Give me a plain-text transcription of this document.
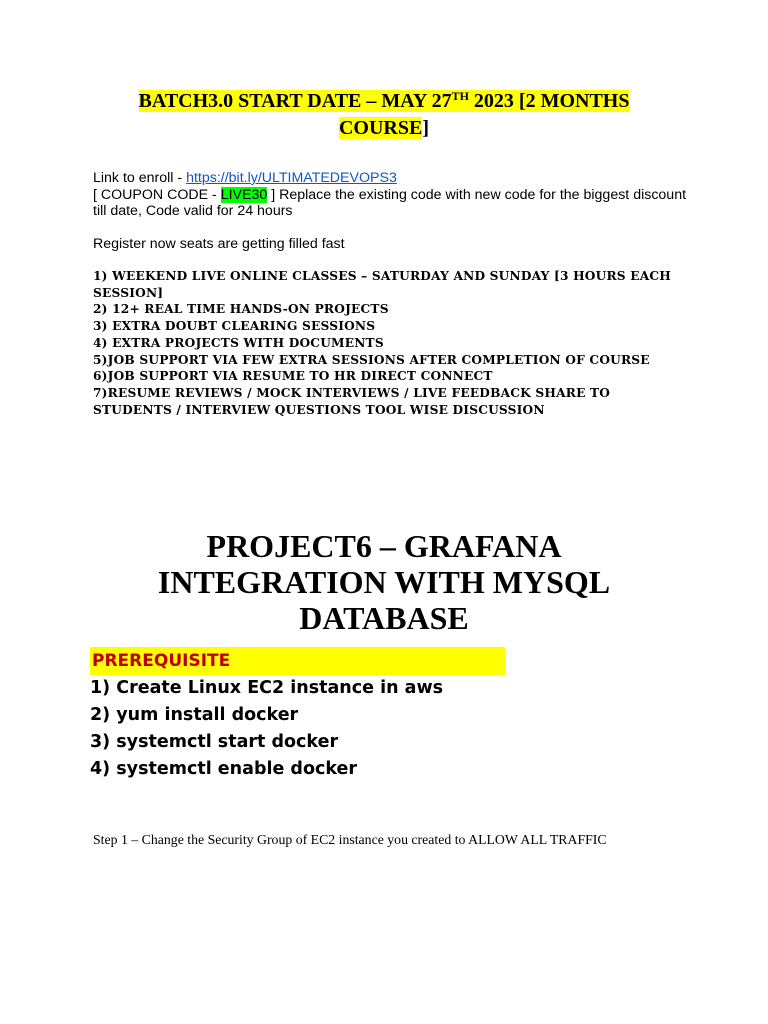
BATCH3.0 START DATE – MAY 27TH 2023 [2 MONTHS
COURSE]

Link to enroll - https://bit.ly/ULTIMATEDEVOPS3

[ COUPON CODE - LIVE30 ] Replace the existing code with new code for the biggest discount till date, Code valid for 24 hours

Register now seats are getting filled fast

1) WEEKEND LIVE ONLINE CLASSES – SATURDAY AND SUNDAY [3 HOURS EACH SESSION]

2) 12+ REAL TIME HANDS-ON PROJECTS

3) EXTRA DOUBT CLEARING SESSIONS

4) EXTRA PROJECTS WITH DOCUMENTS

5)JOB SUPPORT VIA FEW EXTRA SESSIONS AFTER COMPLETION OF COURSE

6)JOB SUPPORT VIA RESUME TO HR DIRECT CONNECT

7)RESUME REVIEWS / MOCK INTERVIEWS / LIVE FEEDBACK SHARE TO STUDENTS / INTERVIEW QUESTIONS TOOL WISE DISCUSSION

PROJECT6 – GRAFANA INTEGRATION WITH MYSQL DATABASE
PREREQUISITE

1) Create Linux EC2 instance in aws

2) yum install docker

3) systemctl start docker

4) systemctl enable docker

Step 1 – Change the Security Group of EC2 instance you created to ALLOW ALL TRAFFIC
